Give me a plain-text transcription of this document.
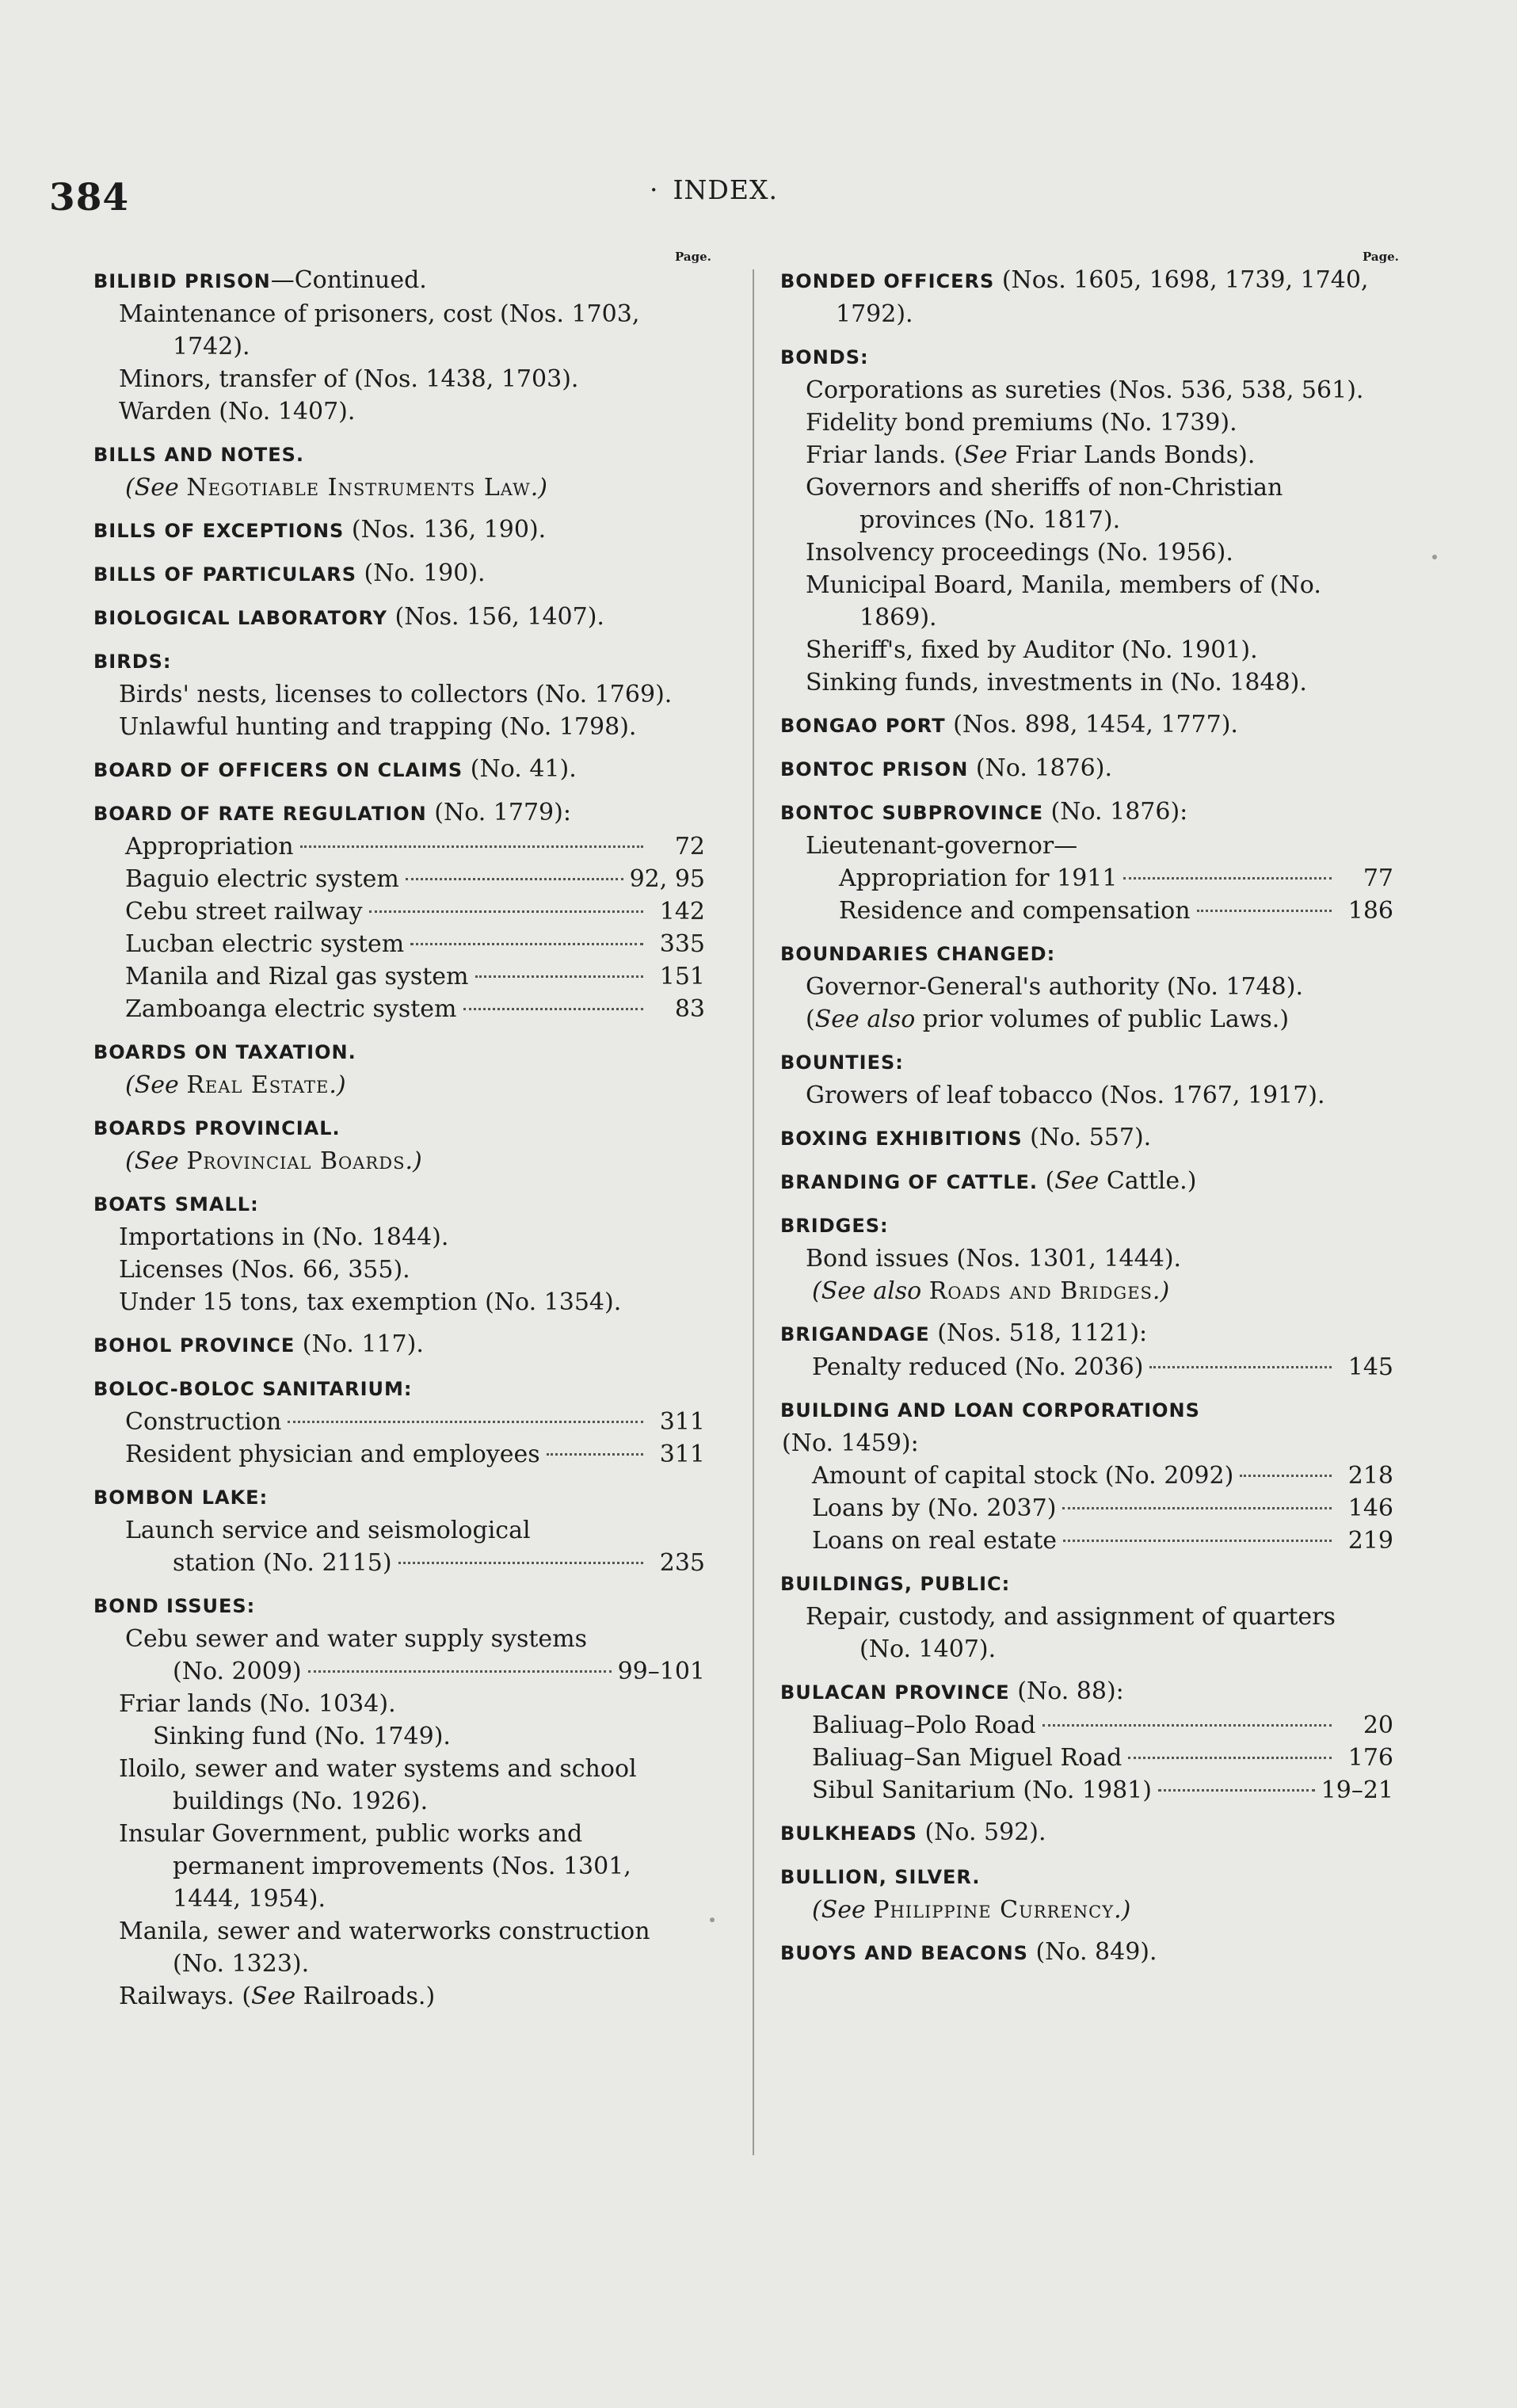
384	· INDEX.
Page.	Page.
BILIBID PRISON—Continued.
Maintenance of prisoners, cost (Nos. 1703, 1742).
Minors, transfer of (Nos. 1438, 1703).
Warden (No. 1407).
BILLS AND NOTES.
(See Negotiable Instruments Law.)
BILLS OF EXCEPTIONS (Nos. 136, 190).
BILLS OF PARTICULARS (No. 190).
BIOLOGICAL LABORATORY (Nos. 156, 1407).
BIRDS:
Birds' nests, licenses to collectors (No. 1769).
Unlawful hunting and trapping (No. 1798).
BOARD OF OFFICERS ON CLAIMS (No. 41).
BOARD OF RATE REGULATION (No. 1779):
Appropriation	72
Baguio electric system	92, 95
Cebu street railway	142
Lucban electric system	335
Manila and Rizal gas system	151
Zamboanga electric system	83
BOARDS ON TAXATION.
(See Real Estate.)
BOARDS PROVINCIAL.
(See Provincial Boards.)
BOATS SMALL:
Importations in (No. 1844).
Licenses (Nos. 66, 355).
Under 15 tons, tax exemption (No. 1354).
BOHOL PROVINCE (No. 117).
BOLOC-BOLOC SANITARIUM:
Construction	311
Resident physician and employees	311
BOMBON LAKE:
Launch service and seismological
station (No. 2115)	235
BOND ISSUES:
Cebu sewer and water supply systems
(No. 2009)	99–101
Friar lands (No. 1034).
Sinking fund (No. 1749).
Iloilo, sewer and water systems and school buildings (No. 1926).
Insular Government, public works and permanent improvements (Nos. 1301, 1444, 1954).
Manila, sewer and waterworks construction (No. 1323).
Railways. (See Railroads.)
BONDED OFFICERS (Nos. 1605, 1698, 1739, 1740, 1792).
BONDS:
Corporations as sureties (Nos. 536, 538, 561).
Fidelity bond premiums (No. 1739).
Friar lands. (See Friar Lands Bonds).
Governors and sheriffs of non-Christian provinces (No. 1817).
Insolvency proceedings (No. 1956).
Municipal Board, Manila, members of (No. 1869).
Sheriff's, fixed by Auditor (No. 1901).
Sinking funds, investments in (No. 1848).
BONGAO PORT (Nos. 898, 1454, 1777).
BONTOC PRISON (No. 1876).
BONTOC SUBPROVINCE (No. 1876):
Lieutenant-governor—
Appropriation for 1911	77
Residence and compensation	186
BOUNDARIES CHANGED:
Governor-General's authority (No. 1748).
(See also prior volumes of public Laws.)
BOUNTIES:
Growers of leaf tobacco (Nos. 1767, 1917).
BOXING EXHIBITIONS (No. 557).
BRANDING OF CATTLE. (See Cattle.)
BRIDGES:
Bond issues (Nos. 1301, 1444).
(See also Roads and Bridges.)
BRIGANDAGE (Nos. 518, 1121):
Penalty reduced (No. 2036)	145
BUILDING AND LOAN CORPORATIONS
(No. 1459):
Amount of capital stock (No. 2092)	218
Loans by (No. 2037)	146
Loans on real estate	219
BUILDINGS, PUBLIC:
Repair, custody, and assignment of quarters (No. 1407).
BULACAN PROVINCE (No. 88):
Baliuag–Polo Road	20
Baliuag–San Miguel Road	176
Sibul Sanitarium (No. 1981)	19–21
BULKHEADS (No. 592).
BULLION, SILVER.
(See Philippine Currency.)
BUOYS AND BEACONS (No. 849).
